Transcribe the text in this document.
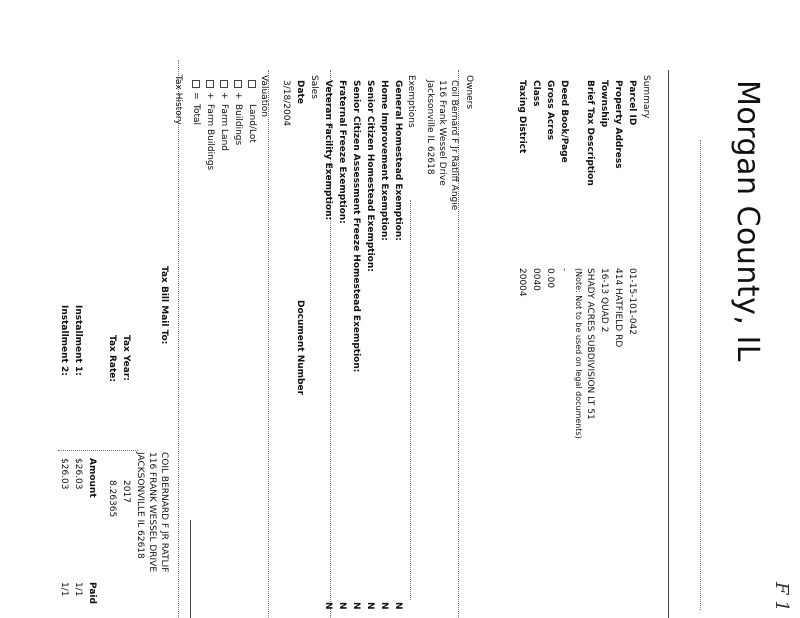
Morgan County, IL
F 1
Summary
Parcel ID
Property Address
Township
Brief Tax Description
Deed Book/Page
Gross Acres
Class
Taxing District
01-15-101-042
414 HATFIELD RD
16-13 QUAD 2
SHADY ACRES SUBDIVISION LT 51
(Note: Not to be used on legal documents)
-
0.00
0040
20004
Owners
Coil Bernard F Jr Ratliff Angie
116 Frank Wessel Drive
Jacksonville IL 62618
Exemptions
General Homestead Exemption:
Home Improvement Exemption:
Senior Citizen Homestead Exemption:
Senior Citizen Assessment Freeze Homestead Exemption:
Fraternal Freeze Exemption:
Veteran Facility Exemption:
N
N
N
N
N
N
Sales
Date
Document Number
3/18/2004
Valuation
+
+
+
=
Land/Lot
Buildings
Farm Land
Farm Buildings
Total
Tax History
Tax Bill Mail To:
COIL BERNARD F JR RATLIF
116 FRANK WESSEL DRIVE
JACKSONVILLE IL 62618
Tax Year:
2017
Tax Rate:
8.26365
Amount
Paid
Installment 1:
$26.03
1/1
Installment 2:
$26.03
1/1
